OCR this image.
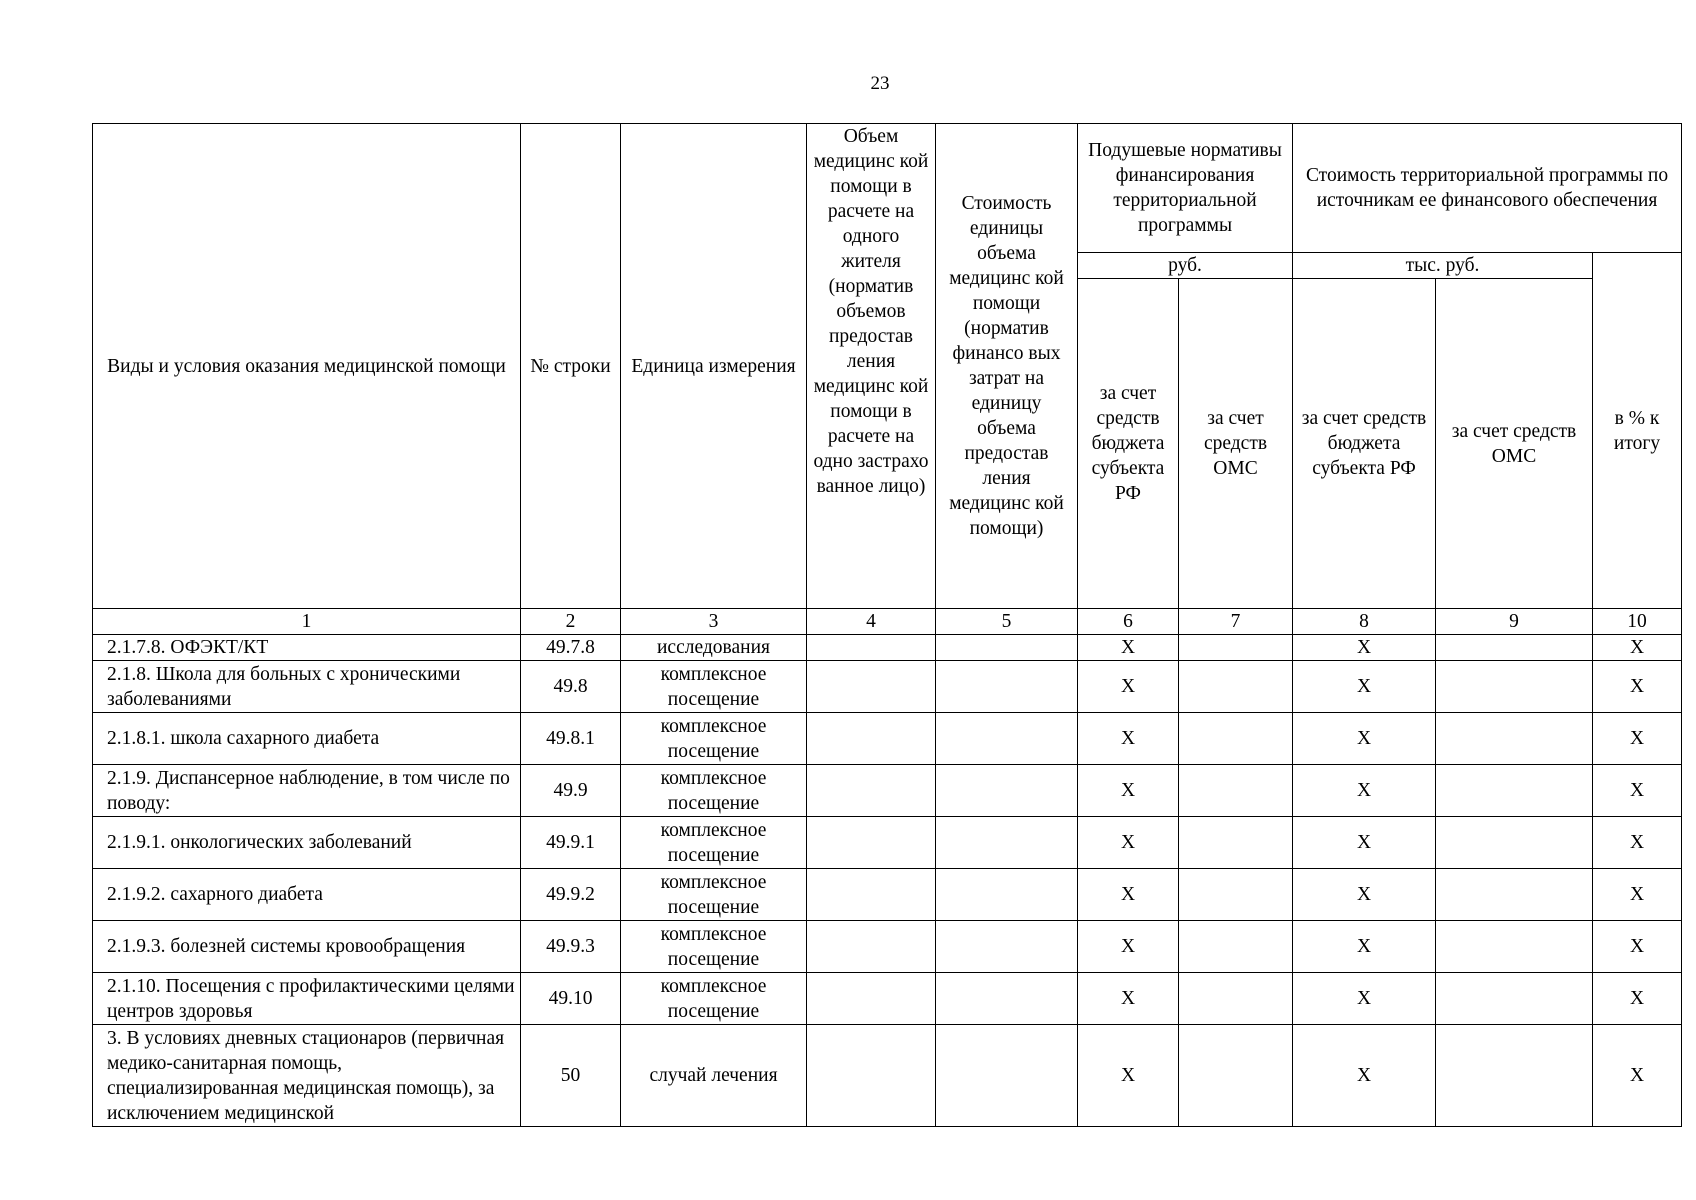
23
Виды и условия оказания медицинской помощи	№ строки	Единица измерения	Объем медицинс кой помощи в расчете на одного жителя (норматив объемов предостав ления медицинс кой помощи в расчете на одно застрахо ванное лицо)	Стоимость единицы объема медицинс кой помощи (норматив финансо вых затрат на единицу объема предостав ления медицинс кой помощи)	Подушевые нормативы финансирования территориальной программы		Стоимость территориальной программы по источникам ее финансового обеспечения		
					руб.		тыс. руб.		в % к итогу
					за счет средств бюджета субъекта РФ	за счет средств ОМС	за счет средств бюджета субъекта РФ	за счет средств ОМС	
1	2	3	4	5	6	7	8	9	10
2.1.7.8. ОФЭКТ/КТ	49.7.8	исследования			X		X		X
2.1.8. Школа для больных с хроническими заболеваниями	49.8	комплексное посещение			X		X		X
2.1.8.1. школа сахарного диабета	49.8.1	комплексное посещение			X		X		X
2.1.9. Диспансерное наблюдение, в том числе по поводу:	49.9	комплексное посещение			X		X		X
2.1.9.1. онкологических заболеваний	49.9.1	комплексное посещение			X		X		X
2.1.9.2. сахарного диабета	49.9.2	комплексное посещение			X		X		X
2.1.9.3. болезней системы кровообращения	49.9.3	комплексное посещение			X		X		X
2.1.10. Посещения с профилактическими целями центров здоровья	49.10	комплексное посещение			X		X		X
3. В условиях дневных стационаров (первичная медико-санитарная помощь, специализированная медицинская помощь), за исключением медицинской	50	случай лечения			X		X		X
